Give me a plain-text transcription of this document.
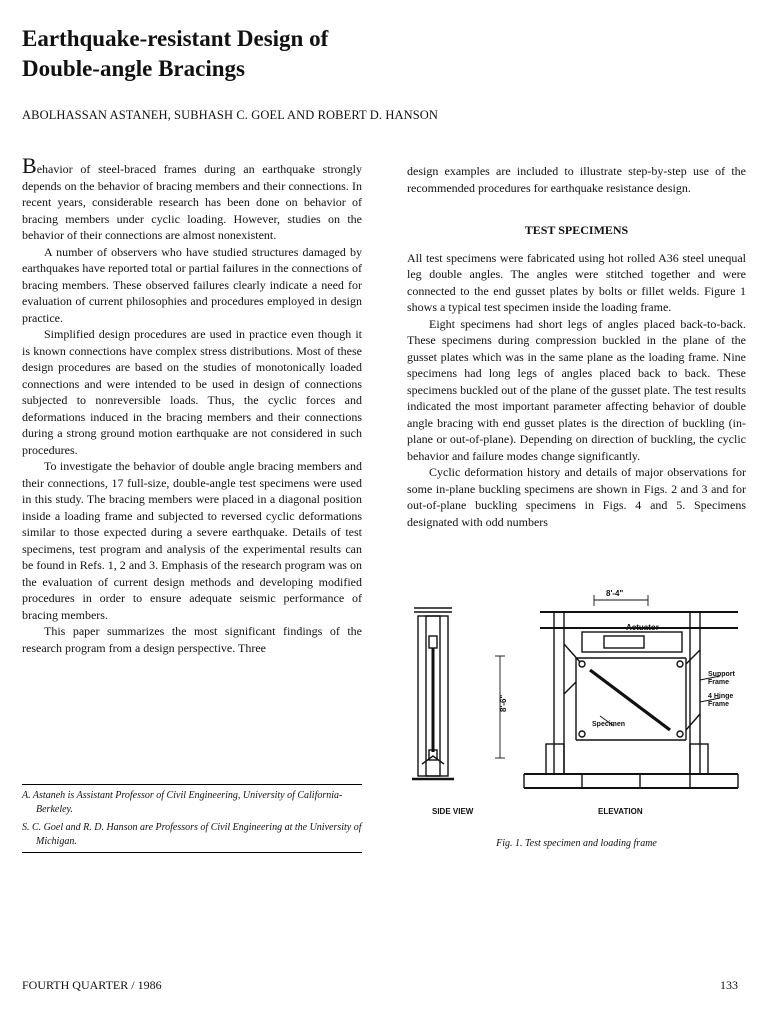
Earthquake-resistant Design of
Double-angle Bracings
ABOLHASSAN ASTANEH, SUBHASH C. GOEL AND ROBERT D. HANSON

Behavior of steel-braced frames during an earthquake strongly depends on the behavior of bracing members and their connections. In recent years, considerable research has been done on behavior of bracing members under cyclic loading. However, studies on the behavior of their connections are almost nonexistent.

A number of observers who have studied structures damaged by earthquakes have reported total or partial failures in the connections of bracing members. These observed failures clearly indicate a need for evaluation of current philosophies and procedures employed in design practice.

Simplified design procedures are used in practice even though it is known connections have complex stress distributions. Most of these design procedures are based on the studies of monotonically loaded connections and were intended to be used in design of connections subjected to nonreversible loads. Thus, the cyclic forces and deformations induced in the bracing members and their connections during a strong ground motion earthquake are not considered in such procedures.

To investigate the behavior of double angle bracing members and their connections, 17 full-size, double-angle test specimens were used in this study. The bracing members were placed in a diagonal position inside a loading frame and subjected to reversed cyclic deformations similar to those expected during a severe earthquake. Details of test specimens, test program and analysis of the experimental results can be found in Refs. 1, 2 and 3. Emphasis of the research program was on the evaluation of current design methods and developing modified procedures in order to ensure adequate seismic performance of bracing members.

This paper summarizes the most significant findings of the research program from a design perspective. Three

A. Astaneh is Assistant Professor of Civil Engineering, University of California-Berkeley.

S. C. Goel and R. D. Hanson are Professors of Civil Engineering at the University of Michigan.

design examples are included to illustrate step-by-step use of the recommended procedures for earthquake resistance design.

TEST SPECIMENS

All test specimens were fabricated using hot rolled A36 steel unequal leg double angles. The angles were stitched together and were connected to the end gusset plates by bolts or fillet welds. Figure 1 shows a typical test specimen inside the loading frame.

Eight specimens had short legs of angles placed back-to-back. These specimens during compression buckled in the plane of the gusset plates which was in the same plane as the loading frame. Nine specimens had long legs of angles placed back to back. These specimens buckled out of the plane of the gusset plate. The test results indicated the most important parameter affecting behavior of double angle bracing with end gusset plates is the direction of buckling (in-plane or out-of-plane). Depending on direction of buckling, the cyclic behavior and failure modes change significantly.

Cyclic deformation history and details of major observations for some in-plane buckling specimens are shown in Figs. 2 and 3 and for out-of-plane buckling specimens in Figs. 4 and 5. Specimens designated with odd numbers

8'-4"
8'-6"
Actuator
Support
Frame
4 Hinge
Frame
Specimen
SIDE VIEW	ELEVATION
Fig. 1. Test specimen and loading frame
FOURTH QUARTER / 1986	133
